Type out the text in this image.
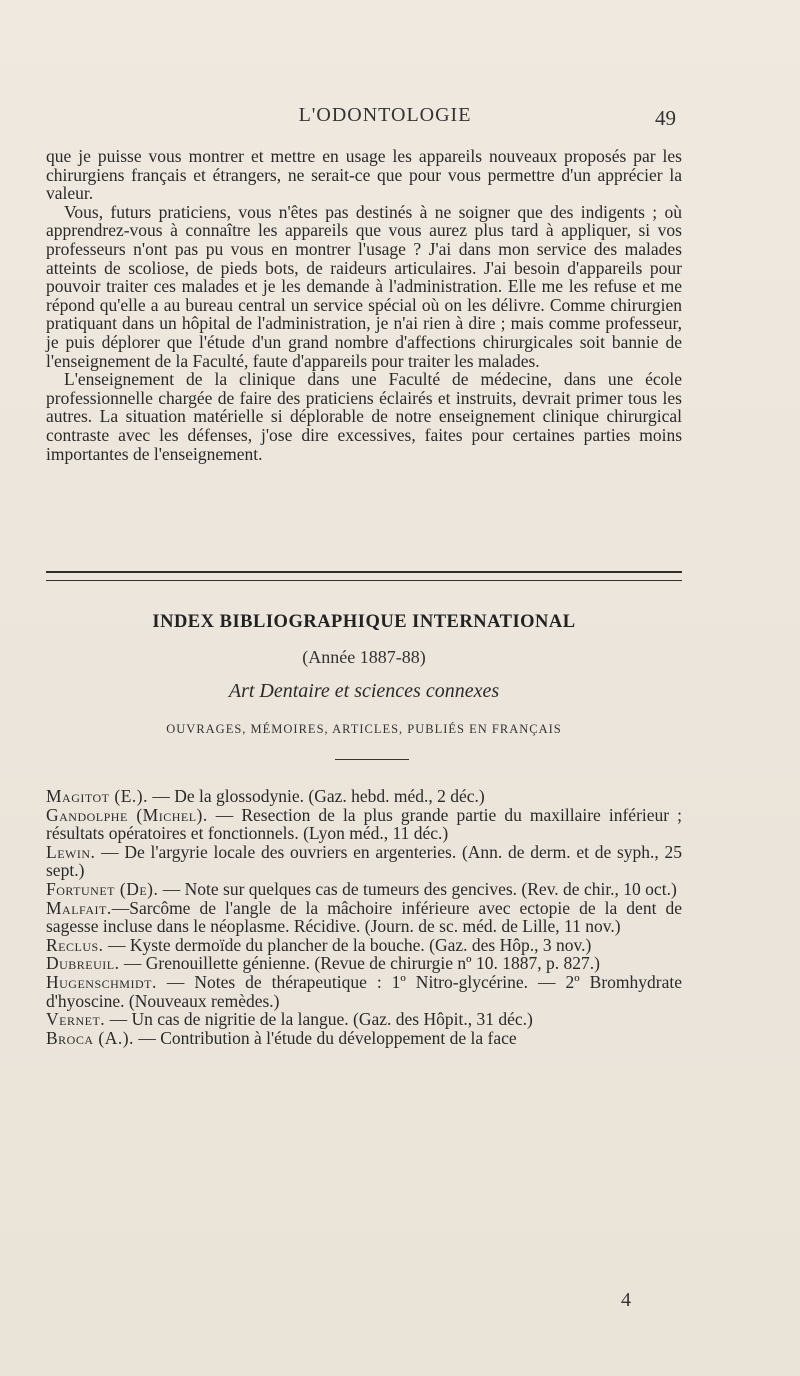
L'ODONTOLOGIE	49

que je puisse vous montrer et mettre en usage les appareils nouveaux proposés par les chirurgiens français et étrangers, ne serait-ce que pour vous permettre d'un apprécier la valeur.

Vous, futurs praticiens, vous n'êtes pas destinés à ne soigner que des indigents ; où apprendrez-vous à connaître les appareils que vous aurez plus tard à appliquer, si vos professeurs n'ont pas pu vous en montrer l'usage ? J'ai dans mon service des malades atteints de scoliose, de pieds bots, de raideurs articulaires. J'ai besoin d'appareils pour pouvoir traiter ces malades et je les demande à l'administration. Elle me les refuse et me répond qu'elle a au bureau central un service spécial où on les délivre. Comme chirurgien pratiquant dans un hôpital de l'administration, je n'ai rien à dire ; mais comme professeur, je puis déplorer que l'étude d'un grand nombre d'affections chirurgicales soit bannie de l'enseignement de la Faculté, faute d'appareils pour traiter les malades.

L'enseignement de la clinique dans une Faculté de médecine, dans une école professionnelle chargée de faire des praticiens éclairés et instruits, devrait primer tous les autres. La situation matérielle si déplorable de notre enseignement clinique chirurgical contraste avec les défenses, j'ose dire excessives, faites pour certaines parties moins importantes de l'enseignement.

INDEX BIBLIOGRAPHIQUE INTERNATIONAL
(Année 1887-88)
Art Dentaire et sciences connexes
OUVRAGES, MÉMOIRES, ARTICLES, PUBLIÉS EN FRANÇAIS

Magitot (E.). — De la glossodynie. (Gaz. hebd. méd., 2 déc.)

Gandolphe (Michel). — Resection de la plus grande partie du maxillaire inférieur ; résultats opératoires et fonctionnels. (Lyon méd., 11 déc.)

Lewin. — De l'argyrie locale des ouvriers en argenteries. (Ann. de derm. et de syph., 25 sept.)

Fortunet (De). — Note sur quelques cas de tumeurs des gencives. (Rev. de chir., 10 oct.)

Malfait.—Sarcôme de l'angle de la mâchoire inférieure avec ectopie de la dent de sagesse incluse dans le néoplasme. Récidive. (Journ. de sc. méd. de Lille, 11 nov.)

Reclus. — Kyste dermoïde du plancher de la bouche. (Gaz. des Hôp., 3 nov.)

Dubreuil. — Grenouillette génienne. (Revue de chirurgie nº 10. 1887, p. 827.)

Hugenschmidt. — Notes de thérapeutique : 1º Nitro-glycérine. — 2º Bromhydrate d'hyoscine. (Nouveaux remèdes.)

Vernet. — Un cas de nigritie de la langue. (Gaz. des Hôpit., 31 déc.)

Broca (A.). — Contribution à l'étude du développement de la face

4
